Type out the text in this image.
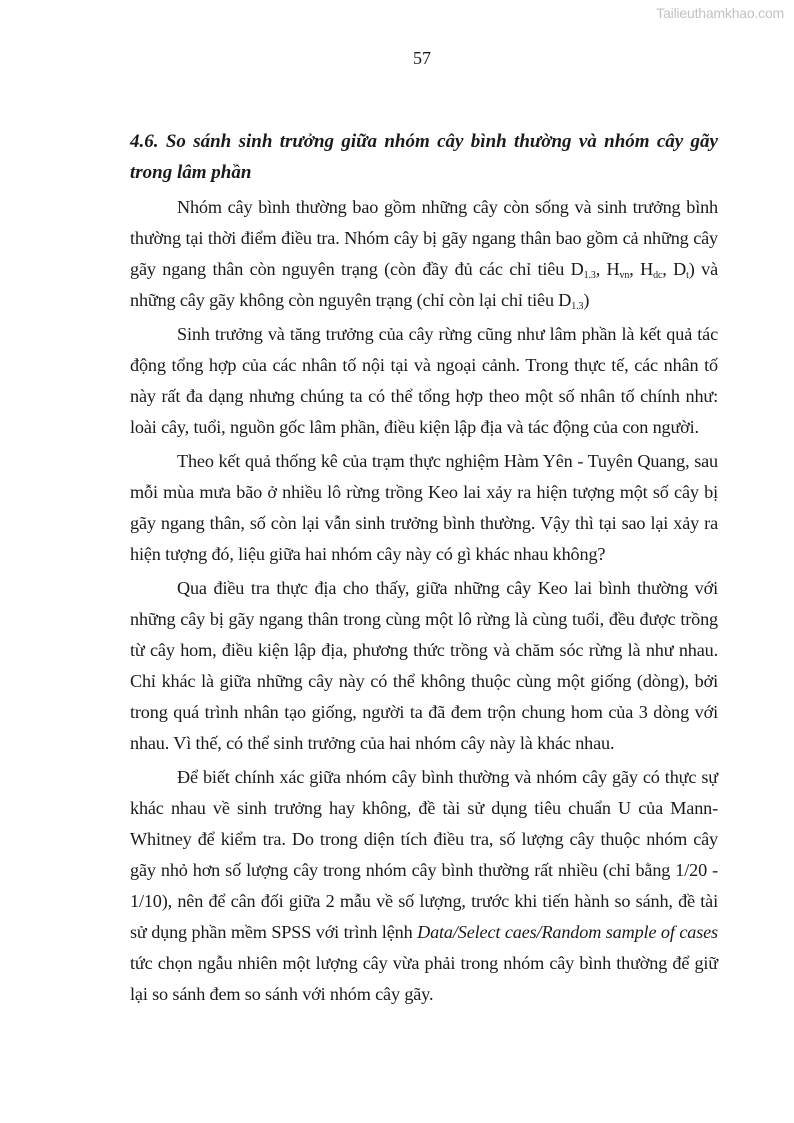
Tailieuthamkhao.com
57

4.6. So sánh sinh trưởng giữa nhóm cây bình thường và nhóm cây gãy trong lâm phần

Nhóm cây bình thường bao gồm những cây còn sống và sinh trưởng bình thường tại thời điểm điều tra. Nhóm cây bị gãy ngang thân bao gồm cả những cây gãy ngang thân còn nguyên trạng (còn đầy đủ các chỉ tiêu $D_{1.3}$, $H_{vn}$, $H_{dc}$, $D_t$) và những cây gãy không còn nguyên trạng (chỉ còn lại chỉ tiêu $D_{1.3}$)

Sinh trưởng và tăng trưởng của cây rừng cũng như lâm phần là kết quả tác động tổng hợp của các nhân tố nội tại và ngoại cảnh. Trong thực tế, các nhân tố này rất đa dạng nhưng chúng ta có thể tổng hợp theo một số nhân tố chính như: loài cây, tuổi, nguồn gốc lâm phần, điều kiện lập địa và tác động của con người.

Theo kết quả thống kê của trạm thực nghiệm Hàm Yên - Tuyên Quang, sau mỗi mùa mưa bão ở nhiều lô rừng trồng Keo lai xảy ra hiện tượng một số cây bị gãy ngang thân, số còn lại vẫn sinh trưởng bình thường. Vậy thì tại sao lại xảy ra hiện tượng đó, liệu giữa hai nhóm cây này có gì khác nhau không?

Qua điều tra thực địa cho thấy, giữa những cây Keo lai bình thường với những cây bị gãy ngang thân trong cùng một lô rừng là cùng tuổi, đều được trồng từ cây hom, điều kiện lập địa, phương thức trồng và chăm sóc rừng là như nhau. Chỉ khác là giữa những cây này có thể không thuộc cùng một giống (dòng), bởi trong quá trình nhân tạo giống, người ta đã đem trộn chung hom của 3 dòng với nhau. Vì thế, có thể sinh trưởng của hai nhóm cây này là khác nhau.

Để biết chính xác giữa nhóm cây bình thường và nhóm cây gãy có thực sự khác nhau về sinh trưởng hay không, đề tài sử dụng tiêu chuẩn U của Mann-Whitney để kiểm tra. Do trong diện tích điều tra, số lượng cây thuộc nhóm cây gãy nhỏ hơn số lượng cây trong nhóm cây bình thường rất nhiều (chỉ bằng 1/20 - 1/10), nên để cân đối giữa 2 mẫu về số lượng, trước khi tiến hành so sánh, đề tài sử dụng phần mềm SPSS với trình lệnh Data/Select caes/Random sample of cases tức chọn ngẫu nhiên một lượng cây vừa phải trong nhóm cây bình thường để giữ lại so sánh đem so sánh với nhóm cây gãy.
